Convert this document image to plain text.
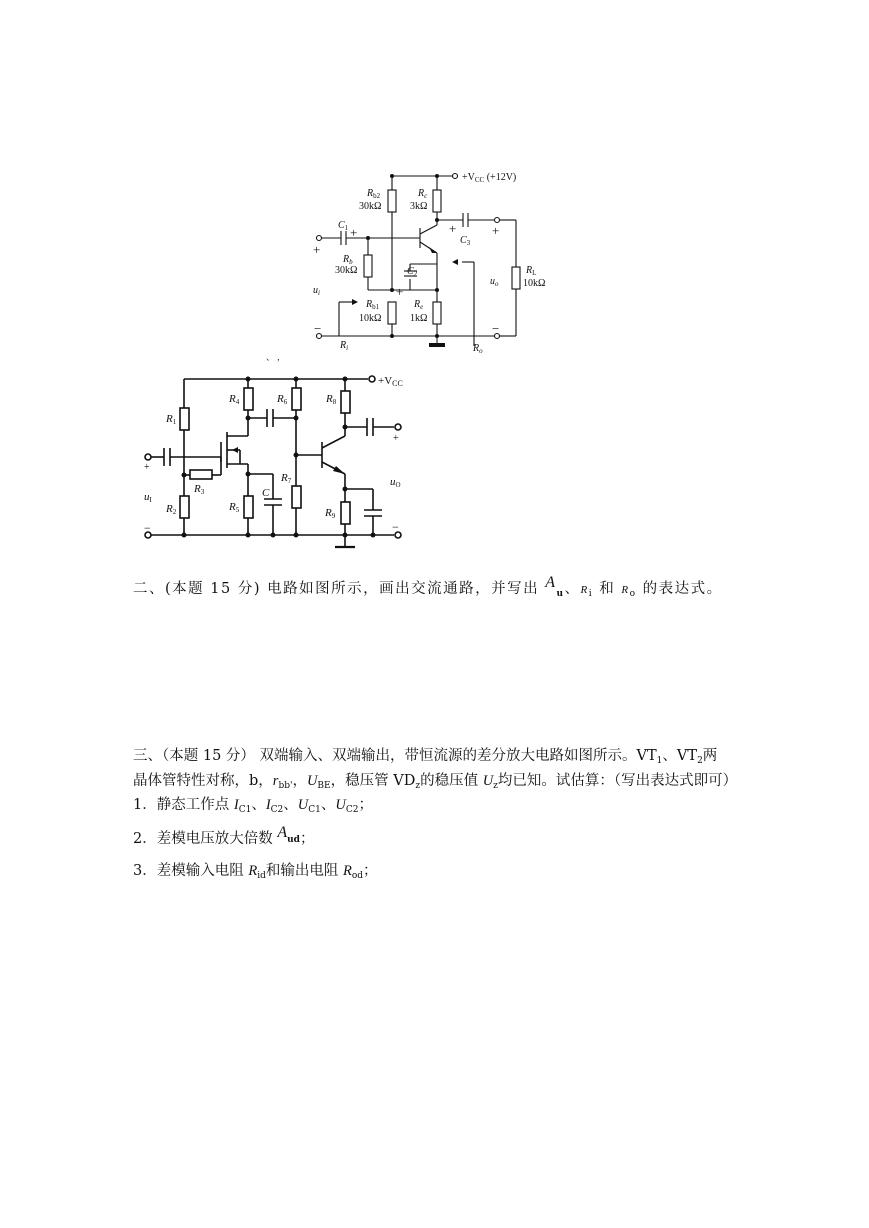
$+V_{CC}$ (+12V)
$R_{b2}$
30kΩ
$R_c$
3kΩ
$C_1$ +
+
$R_b$
30kΩ	$C_2$
+
$u_i$
$R_{b1}$
10kΩ
$R_e$
1kΩ
+
$C_3$
+
$u_o$
$R_L$
10kΩ
−	−
$R_i$	$R_o$
、 ,
+VCC
R1
R2
R3
R4
R5
R6
R7
R8
R9
C
+
uI
−
+
uO
−
二、(本题 15 分) 电路如图所示，画出交流通路，并写出 $A_u$、$R_i$ 和 $R_o$ 的表达式。
三、（本题 15 分） 双端输入、双端输出，带恒流源的差分放大电路如图所示。$VT_1$、$VT_2$两
晶体管特性对称，b，$r_{bb'}$，$U_{BE}$，稳压管 $VD_z$的稳压值 $U_z$均已知。试估算：（写出表达式即可）
1．静态工作点 $I_{C1}$、$I_{C2}$、$U_{C1}$、$U_{C2}$；
2．差模电压放大倍数 $A_{ud}$；
3．差模输入电阻 $R_{id}$和输出电阻 $R_{od}$；
